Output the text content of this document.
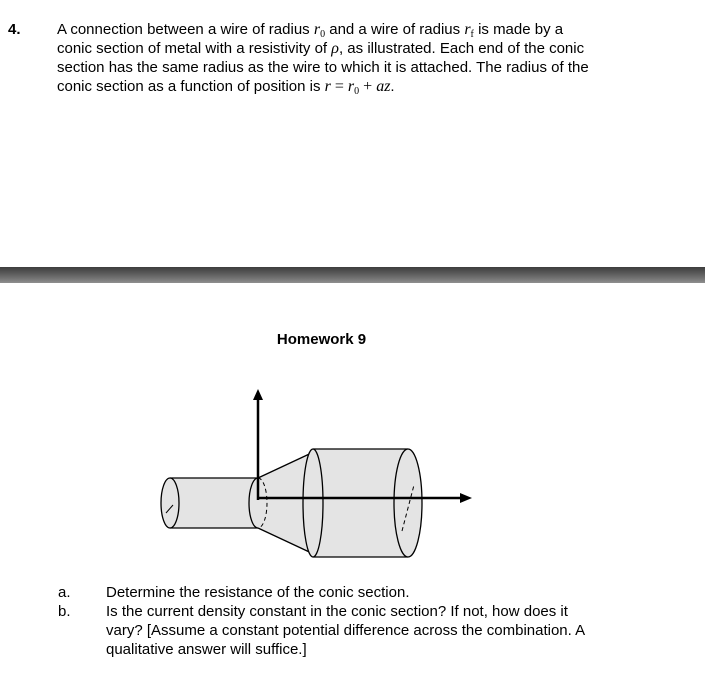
4. A connection between a wire of radius $r_0$ and a wire of radius $r_f$ is made by a
conic section of metal with a resistivity of ρ, as illustrated. Each end of the conic
section has the same radius as the wire to which it is attached. The radius of the
conic section as a function of position is $r = r_0$ + az.
Homework 9
a. Determine the resistance of the conic section.
b. Is the current density constant in the conic section? If not, how does it
vary? [Assume a constant potential difference across the combination. A
qualitative answer will suffice.]
